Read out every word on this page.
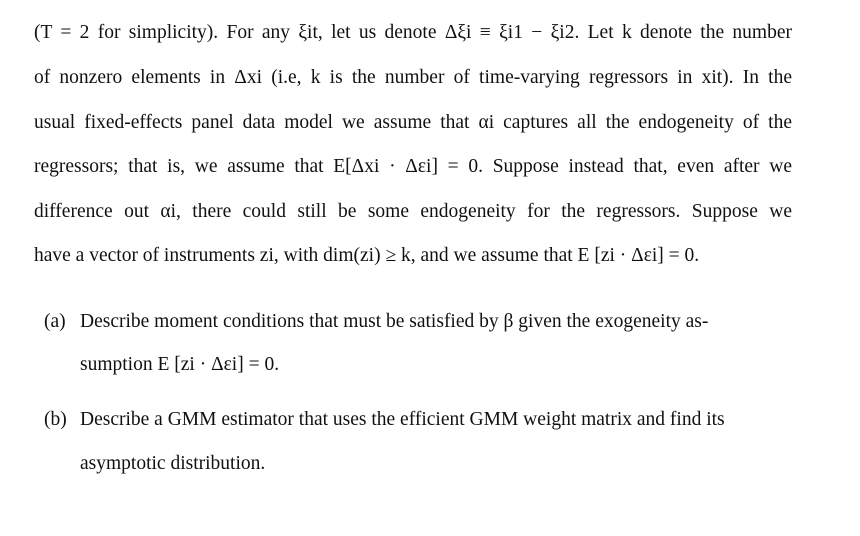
(T = 2 for simplicity). For any ξit, let us denote Δξi ≡ ξi1 − ξi2. Let k denote the number
of nonzero elements in Δxi (i.e, k is the number of time-varying regressors in xit). In the
usual fixed-effects panel data model we assume that αi captures all the endogeneity of the
regressors; that is, we assume that E[Δxi · Δεi] = 0. Suppose instead that, even after we
difference out αi, there could still be some endogeneity for the regressors. Suppose we
have a vector of instruments zi, with dim(zi) ≥ k, and we assume that E [zi · Δεi] = 0.
(a) Describe moment conditions that must be satisfied by β given the exogeneity as-
sumption E [zi · Δεi] = 0.
(b) Describe a GMM estimator that uses the efficient GMM weight matrix and find its
asymptotic distribution.
